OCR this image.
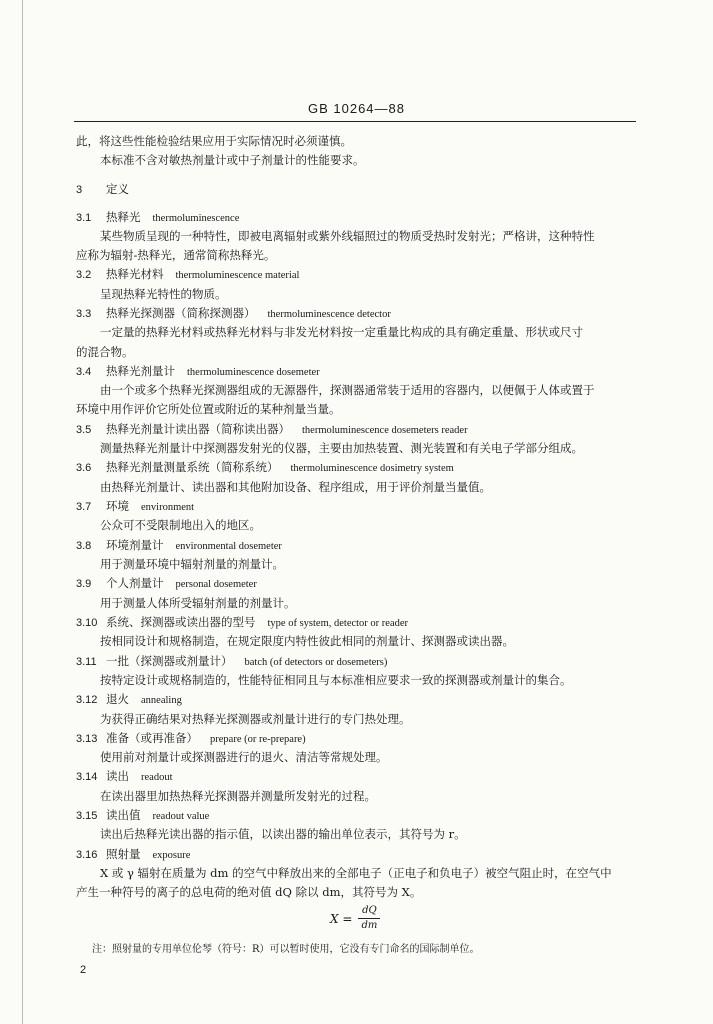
GB 10264—88
此，将这些性能检验结果应用于实际情况时必须谨慎。
本标准不含对敏热剂量计或中子剂量计的性能要求。
3 定义
3.1 热释光 thermoluminescence
某些物质呈现的一种特性，即被电离辐射或紫外线辐照过的物质受热时发射光；严格讲，这种特性
应称为辐射-热释光，通常简称热释光。
3.2 热释光材料 thermoluminescence material
呈现热释光特性的物质。
3.3 热释光探测器（简称探测器） thermoluminescence detector
一定量的热释光材料或热释光材料与非发光材料按一定重量比构成的具有确定重量、形状或尺寸
的混合物。
3.4 热释光剂量计 thermoluminescence dosemeter
由一个或多个热释光探测器组成的无源器件，探测器通常装于适用的容器内，以便佩于人体或置于
环境中用作评价它所处位置或附近的某种剂量当量。
3.5 热释光剂量计读出器（简称读出器） thermoluminescence dosemeters reader
测量热释光剂量计中探测器发射光的仪器，主要由加热装置、测光装置和有关电子学部分组成。
3.6 热释光剂量测量系统（简称系统） thermoluminescence dosimetry system
由热释光剂量计、读出器和其他附加设备、程序组成，用于评价剂量当量值。
3.7 环境 environment
公众可不受限制地出入的地区。
3.8 环境剂量计 environmental dosemeter
用于测量环境中辐射剂量的剂量计。
3.9 个人剂量计 personal dosemeter
用于测量人体所受辐射剂量的剂量计。
3.10 系统、探测器或读出器的型号 type of system, detector or reader
按相同设计和规格制造，在规定限度内特性彼此相同的剂量计、探测器或读出器。
3.11 一批（探测器或剂量计） batch (of detectors or dosemeters)
按特定设计或规格制造的，性能特征相同且与本标准相应要求一致的探测器或剂量计的集合。
3.12 退火 annealing
为获得正确结果对热释光探测器或剂量计进行的专门热处理。
3.13 准备（或再准备） prepare (or re-prepare)
使用前对剂量计或探测器进行的退火、清洁等常规处理。
3.14 读出 readout
在读出器里加热热释光探测器并测量所发射光的过程。
3.15 读出值 readout value
读出后热释光读出器的指示值，以读出器的输出单位表示，其符号为 r。
3.16 照射量 exposure
X 或 γ 辐射在质量为 dm 的空气中释放出来的全部电子（正电子和负电子）被空气阻止时，在空气中
产生一种符号的离子的总电荷的绝对值 dQ 除以 dm，其符号为 X。
$X = \frac{dQ}{dm}$
注：照射量的专用单位伦琴（符号：R）可以暂时使用，它没有专门命名的国际制单位。
2
